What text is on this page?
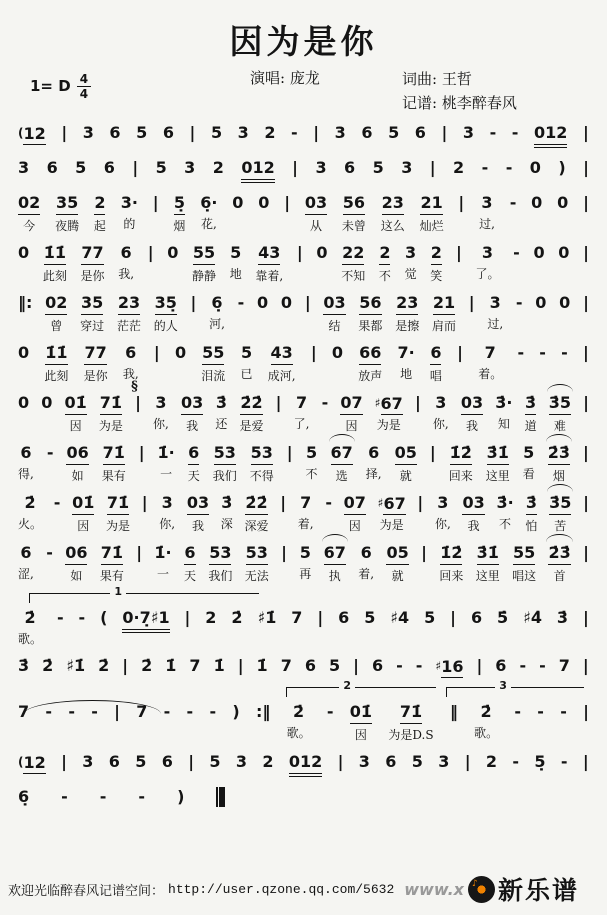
因为是你
1= D $\frac{4}{4}$	演唱: 庞龙	词曲: 王哲
记谱: 桃李醉春风
(12 | 3 6 5 6 | 5 3 2 - | 3 6 5 6 | 3 - - 012 |
3 6 5 6 | 5 3 2 012 | 3 6 5 3 | 2 - - 0 ) |
02
今
35
夜腾
2
起
3·
的
| 5̣
烟
6̣·
花,
0 0 | 03
从
56
未曾
23
这么
21
灿烂
| 3
过,
- 0 0 |
0 1̇1̇
此刻
77
是你
6
我,
| 0 55
静静
5
地
43
靠着,
| 0 22
不知
2
不
3
觉
2
笑
| 3
了。
- 0 0 |
‖: 02
曾
35
穿过
23
茫茫
35̣
的人
| 6̣
河,
- 0 0 | 03
结
56
果都
23
是擦
21
肩而
| 3
过,
- 0 0 |
0 1̇1̇
此刻
77
是你
6
我,
| 0 55
泪流
5
已
43
成河,
| 0 66
放声
7·
地
6
唱
| 7
着。
- - - |
0 0 01̇
因
71̇
为是
|
§
3
你,
03
我
3̇
还
2̇2̇
是爱
| 7
了,
- 07
因
♯67
为是
| 3
你,
03
我
3̇·
知
3̇
道
3̇5
难
|
6
得,
- 06
如
71̇
果有
| 1̇·
一
6
天
53
我们
53
不得
| 5
不
67
选
6
择,
05
就
| 1̇2̇
回来
3̇1̇
这里
5
看
2̇3̇
烟
|
2̇
火。
- 01̇
因
71̇
为是
| 3
你,
03
我
3̇
深
2̇2̇
深爱
| 7
着,
- 07
因
♯67
为是
| 3
你,
03
我
3̇·
不
3̇
怕
3̇5
苦
|
6
涩,
- 06
如
71̇
果有
| 1̇·
一
6
天
53
我们
53
无法
| 5
再
67
执
6
着,
05
就
| 1̇2̇
回来
3̇1̇
这里
55
唱这
2̇3̇
首
|
1
2̇
歌。
- - ( 0·7̣♯1 | 2 2̇ ♯1̇ 7 | 6 5 ♯4 5 | 6 5̇ ♯4̇ 3̇ |
3̇ 2̇ ♯1̇ 2̇ | 2̇ 1̇ 7 1̇ | 1̇ 7 6 5 | 6 - - ♯16 | 6 - - 7 |
2	3
7 - - - | 7 - - - ) :‖ 2̇
歌。
- 01̇
因
71̇
为是D.S
‖ 2̇
歌。
- - - |
(12 | 3 6 5 6 | 5 3 2 012 | 3 6 5 3 | 2 - 5̣ - |
6̣ - - - )
欢迎光临醉春风记谱空间： http://user.qzone.qq.com/5632 www.x
♪ 新乐谱
